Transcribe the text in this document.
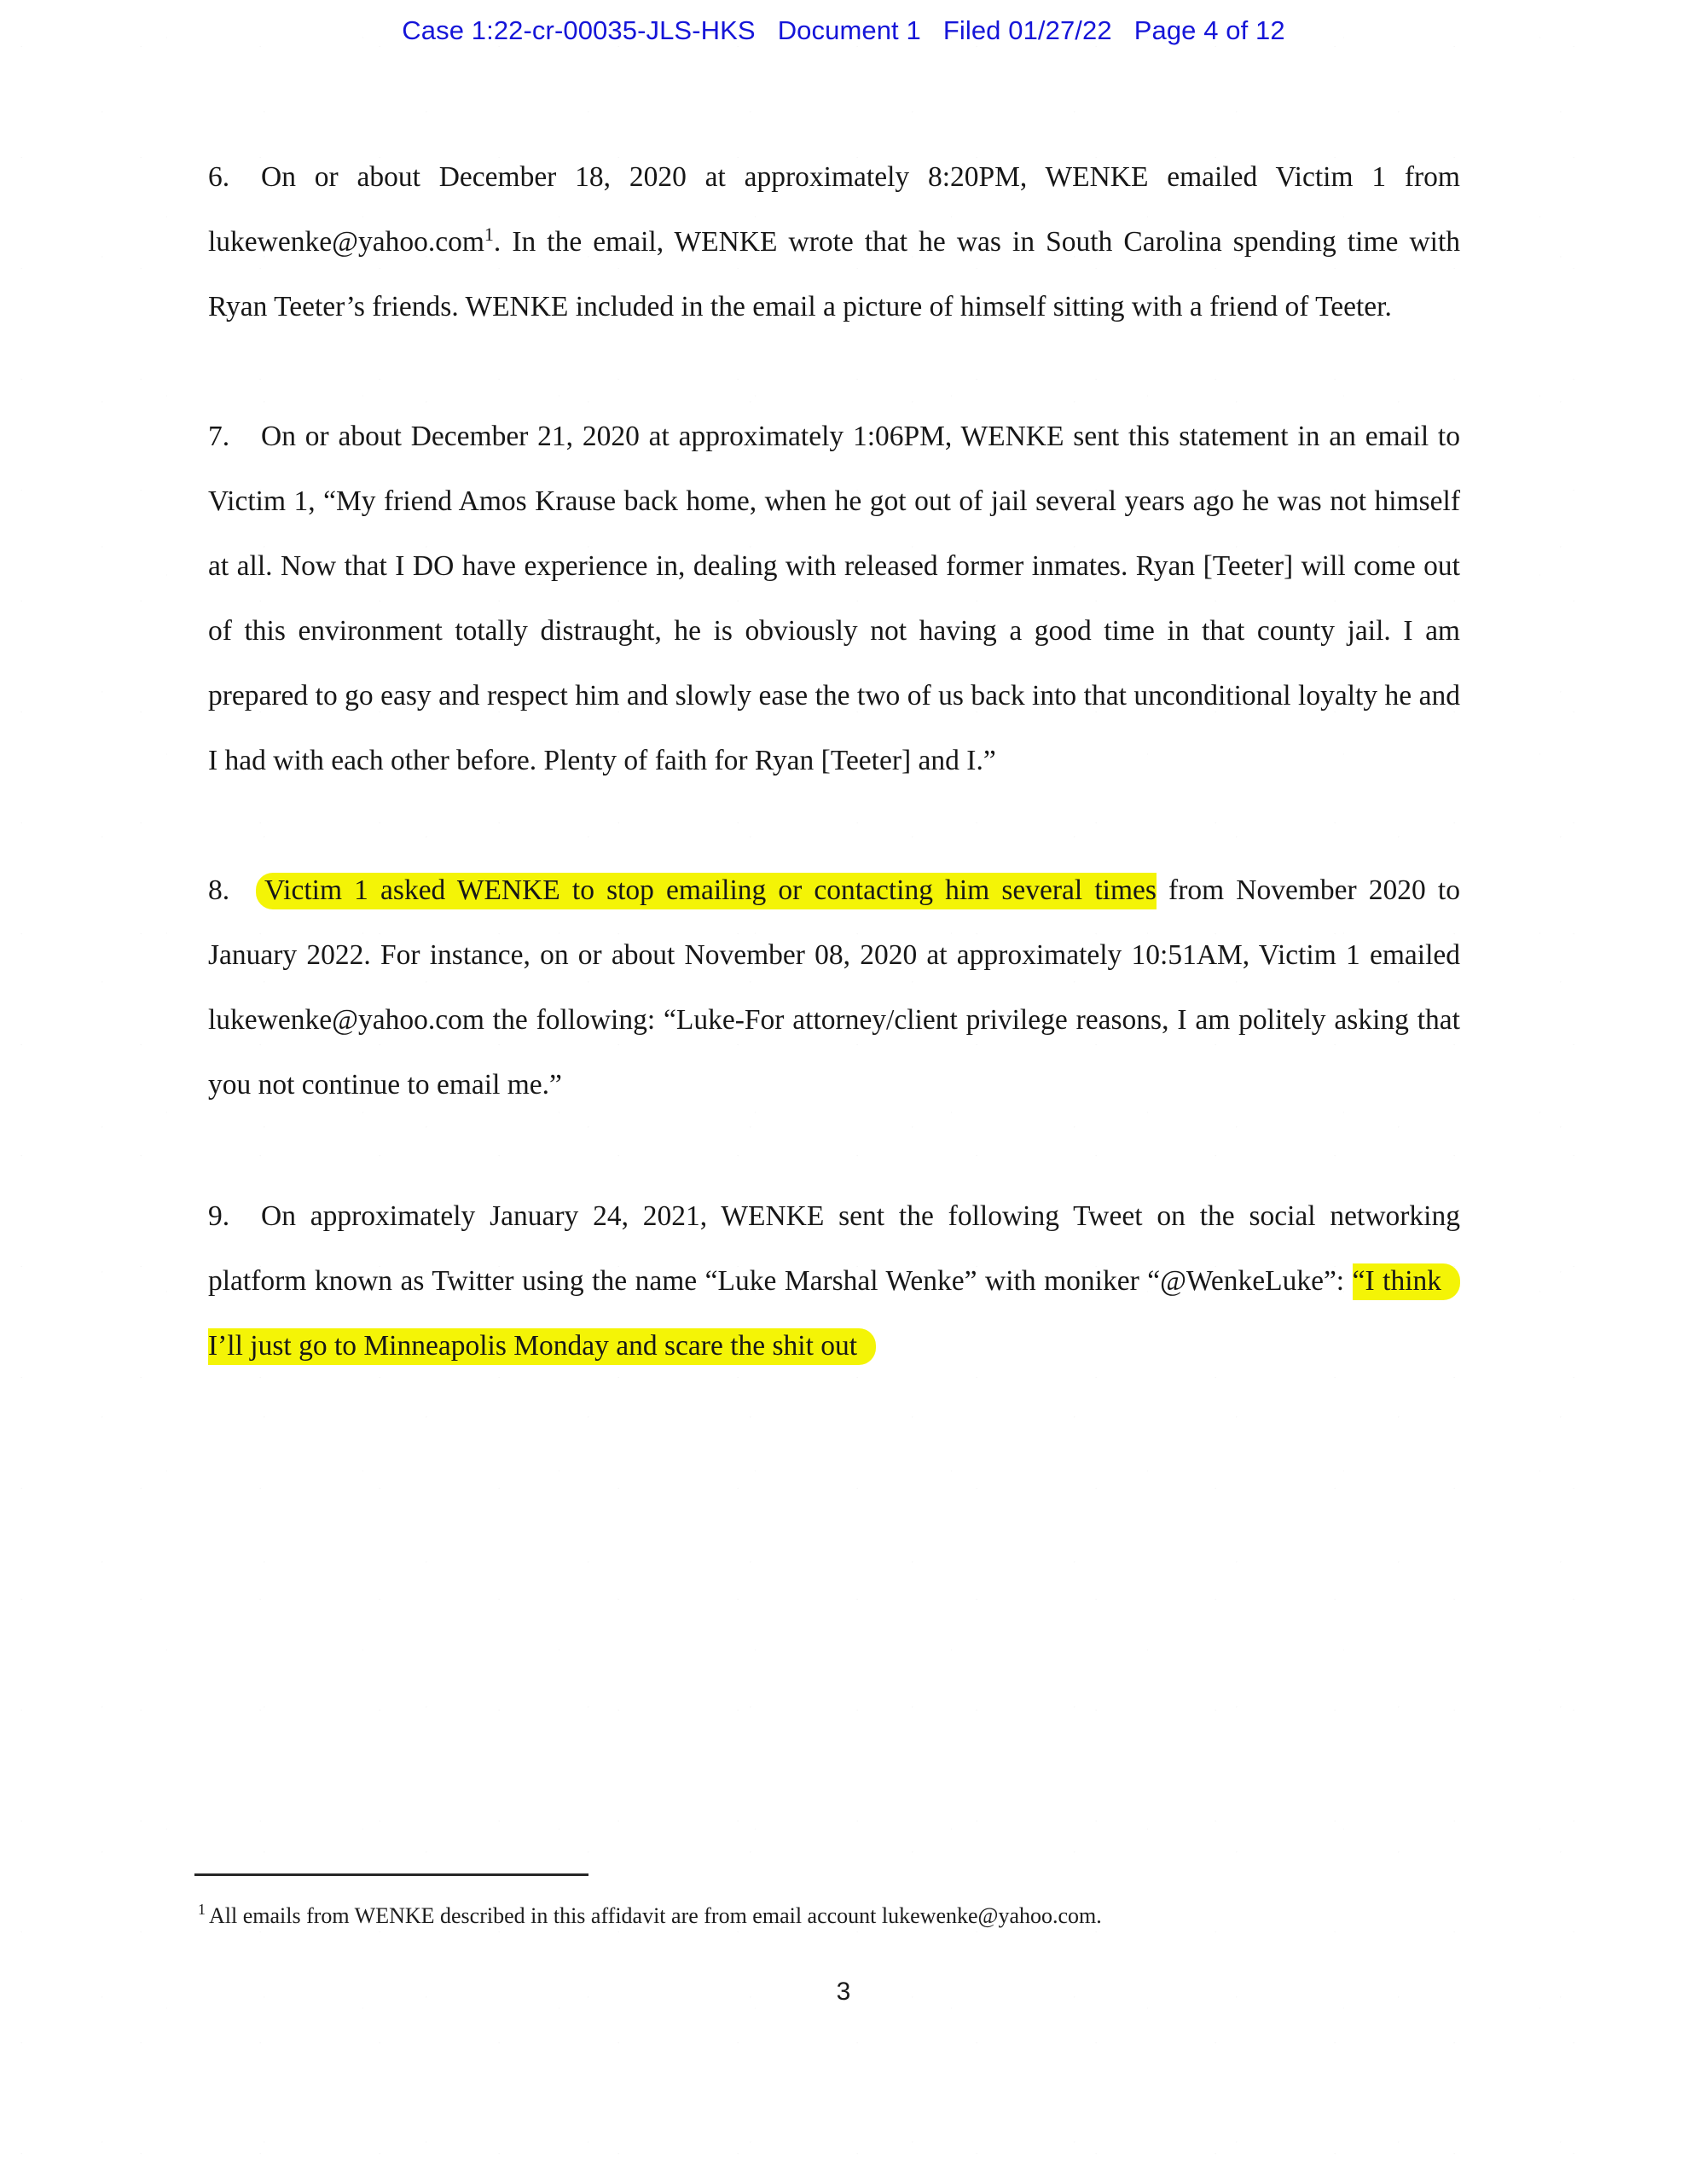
Case 1:22-cr-00035-JLS-HKS Document 1 Filed 01/27/22 Page 4 of 12

6. On or about December 18, 2020 at approximately 8:20PM, WENKE emailed Victim 1 from lukewenke@yahoo.com$^1$. In the email, WENKE wrote that he was in South Carolina spending time with Ryan Teeter’s friends. WENKE included in the email a picture of himself sitting with a friend of Teeter.

7. On or about December 21, 2020 at approximately 1:06PM, WENKE sent this statement in an email to Victim 1, “My friend Amos Krause back home, when he got out of jail several years ago he was not himself at all. Now that I DO have experience in, dealing with released former inmates. Ryan [Teeter] will come out of this environment totally distraught, he is obviously not having a good time in that county jail. I am prepared to go easy and respect him and slowly ease the two of us back into that unconditional loyalty he and I had with each other before. Plenty of faith for Ryan [Teeter] and I.”

8. Victim 1 asked WENKE to stop emailing or contacting him several times from November 2020 to January 2022. For instance, on or about November 08, 2020 at approximately 10:51AM, Victim 1 emailed lukewenke@yahoo.com the following: “Luke-For attorney/client privilege reasons, I am politely asking that you not continue to email me.”

9. On approximately January 24, 2021, WENKE sent the following Tweet on the social networking platform known as Twitter using the name “Luke Marshal Wenke” with moniker “@WenkeLuke”: “I think I’ll just go to Minneapolis Monday and scare the shit out

$^1$ All emails from WENKE described in this affidavit are from email account lukewenke@yahoo.com.
3
